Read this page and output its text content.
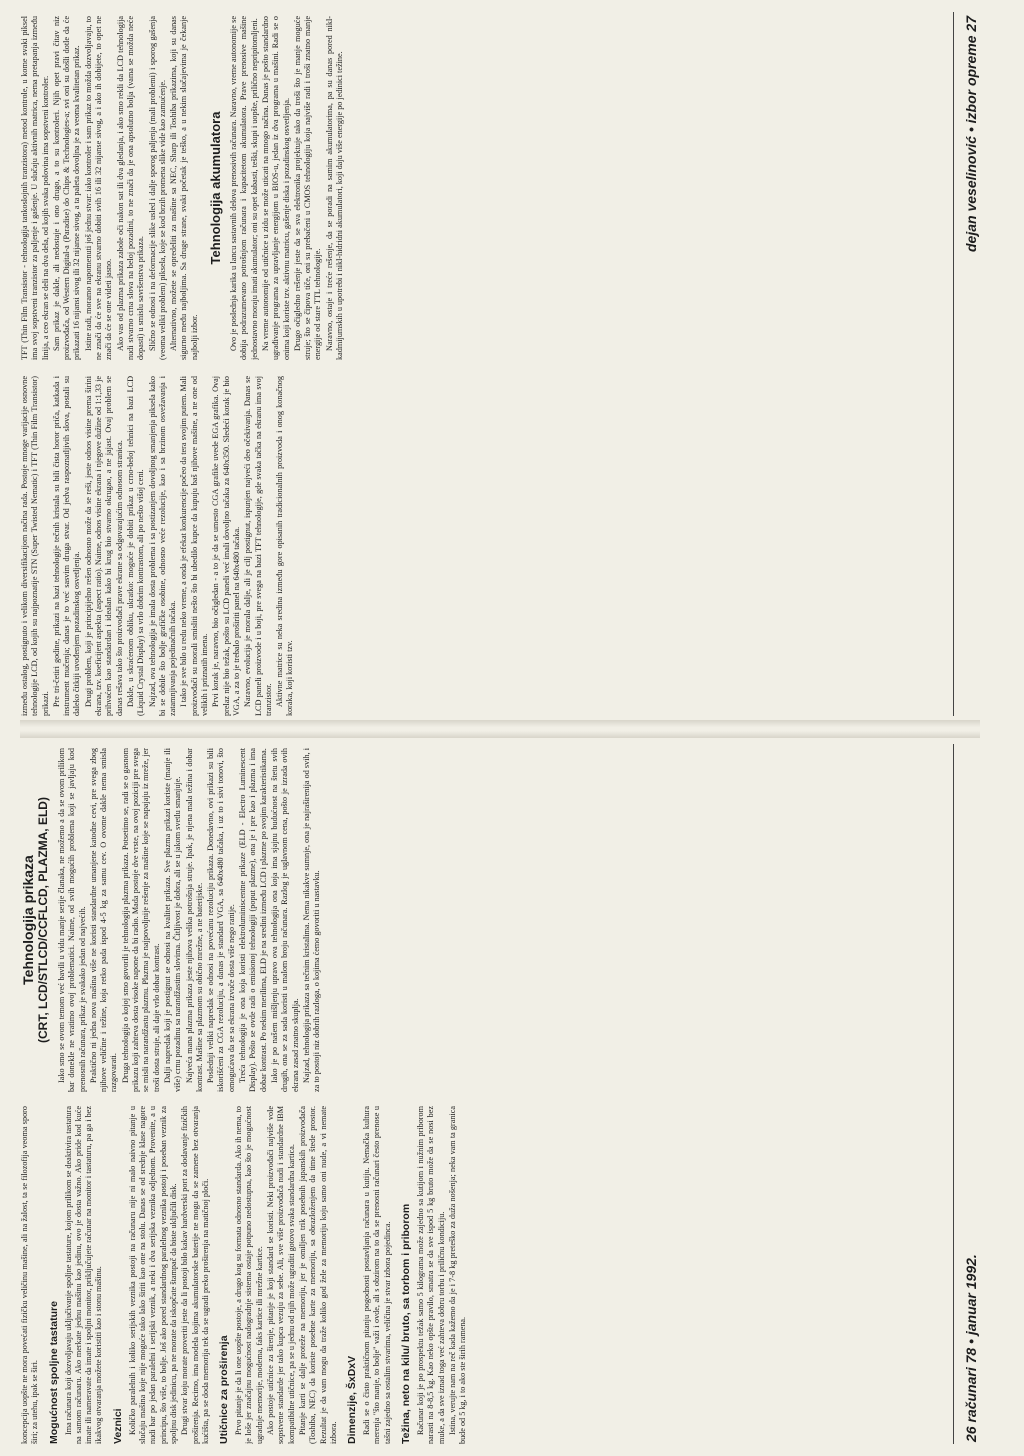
koncepcija uopšte ne mora povećati fizičku veličinu mašine, ali na žalost, ta se filozofija veoma sporo širi; za utehu, ipak se širi. Mogućnost spoljne tastature Ima računara koji dozvoljavaju uključivanje spoljne tastature, kojom prilikom se deaktivira tastatura na samom računaru. Ako merkate jednu mašinu kao jedinu, ovo je dosta važno. Ako pride kod kuće imate ili nameravate da imate i spoljni monitor, priključujete računar na monitor i tastaturu, pa ga i bez ikakvog otvaranja možete koristiti kao i stonu mašinu. Veznici Količko paralelnih i koliko serijskih veznika postoji na računaru nije ni malo naivno pitanje u slučaju mašina koje nije moguće tako lako širiti kao one na stolu. Danas se od srednje klase nagore nudi bar po jedan paralelni i serijski veznik, a neki i dva serijska veznika odjednom. Provenite, a u principu, što više, to bolje. Još ako pored standardnog paralelnog veznika postoji i poseban veznik za spoljnu disk jedinicu, pa ne morate da iskopčate štampač da biste uključili disk. Drugi stvar koju morate proveriti jeste da li postoji bilo kakav hardverski port za dodavanje fizičkih proširenja. Recimo, ima modela kojima akumulatorske baterije ne mogu da se zamene bez otvaranja kućišta, pa se doda memorija tek da se ugradi preko proširenja na matičnoj ploči. Utičnice za proširenja Prvo pitanje je da li one uopšte postoje, a drugo kog su formata odnosno standarda. Ako ih nema, to je loše jer značajnu mogućnost nadogradnje sistema ostaje potpuno nedostupna, kao što je mogućnost ugradnje memorije, modema, faks kartice ili mrežne kartice. Ako postoje utičnice za širenje, pitanje je koji standard se koristi. Neki proizvođači najviše vole sopstvene standarde jer tako kupca vezuju za sebe. Ali, sve više proizvođača nudi i standardne IBM kompatibilne utičnice, pa se u jednu od njih može ugraditi gotovo svaka standardna kartica. Pitanje karti se dalje proteže na memoriju, jer je omiljen trik posebnih japanskih proizvođača (Toshiba, NEC) da koriste posebne karte za memoriju, sa obrazloženjem da time štede prostor. Rezultat je da vam mogu da traže koliko god žele za memoriju koju samo oni nude, a vi nemate izbora. Dimenzije, ŠxDxV Radi se o čisto praktičnom pitanju pogodnosti postavljanja računara u kutiju. Nemačka kultura merenja "što manje, to bolje" važi i ovde, ali s obzirom na to da se prenosni računari često prenose u tašni zajedno sa ostalim stvarima, veličina je stvar izbora pojedinca. Težina, neto na kilu/ bruto, sa torbom i priborom Računar koji je po prospektu težak samo 5 kilograma može zajedno sa kutijom i nužnim priborom narasti na 8-8,5 kg. Kao neko opšte pravilo, smatra se da sve ispod 5 kg bruto može da se nosi bez muke, a da sve iznad toga već zahteva dobru torbu i priličnu kondiciju. Istina, verujte nam na reč kada kažemo da je i 7-8 kg preteško za duža nošenja; neka vam ta granica bude od 5 kg, i to ako ste širih ramena.

Tehnologija prikaza (CRT, LCD/STLCD/CCFLCD, PLAZMA, ELD) Iako smo se ovom temom već bavili u vidu manje serije članaka, ne možemo a da se ovom prilikom bar donekle ne vratimo ovoj problematici. Naime, od svih mogućih problema koji se javljaju kod prenosnih računara, prikaz je svakako jedan od najvećih. Praktično ni jedna nova mašina više ne koristi standardne umanjene katodne cevi, pre svega zbog njihove veličine i težine, koja retko pada ispod 4-5 kg za samu cev. O ovome dakle nema smisla razgovarati. Druga tehnologija o kojoj smo govorili je tehnologija plazma prikaza. Potsetimo se, radi se o gasnom prikazu koji zahteva dosta visoke napone da bi radio. Mada postoje dve vrste, na ovoj poziciji pre svega se misli na narandžastu plazmu. Plazma je najpovoljnije rešenje za mašine koje se napajaju iz mreže, jer troši dosta struje, ali daje vrlo dobar kontrast. Dalji napredak koji je postignut se odnosi na kvalitet prikaza. Sve plazma prikazi koriste (manje ili više) crnu pozadinu sa narandžastim slovima. Čitljivost je dobra, ali se u jakom svetlu smanjuje. Najveća mana plazma prikaza jeste njihova velika potrošnja struje. Ipak, je njena mala težina i dobar kontrast. Mašine sa plazmom su obično mrežne, a ne baterijske. Poslednji veliki napredak se odnosi na povećanu rezoluciju prikaza. Donedavno, ovi prikazi su bili iskorišćeni za CGA rezoluciju, a danas je standard VGA, sa 640x480 tačaka, i uz to i sivi tonovi, što omogućava da se sa ekrana izvuče dosta više nego ranije. Treća tehnologija je ona koja koristi elektroluminiscentne prikaze (ELD - Electro Luminescent Display). Pošto se ovde radi o emisionoj tehnologiji (poput plazme), ona je i pre kao i plazma i ima dobar kontrast. Po nekim merilima, ELD je na sredini između LCD i plazme po svojim karakteristikama. Iako je po našem mišljenju upravo ova tehnologija ona koja ima sjajnu budućnost na štetu svih drugih, ona se za sada koristi u malom broju računara. Razlog je uglavnom cena, pošto je izrada ovih ekrana zasad znatno skuplja. Najzad, tehnologija prikaza sa tečnim kristalima. Nema nikakve sumnje, ona je najraširenija od svih, i za to postoji niz dobrih razloga, o kojima ćemo govoriti u nastavku.

između ostalog, postignuto i velikom diversifikacijom načina rada. Postoje mnoge varijacije osnovne tehnologije LCD, od kojih su najpoznatije STN (Super Twisted Nematic) i TFT (Thin Film Transistor) prikazi. Pre tri-četiri godine, prikazi na bazi tehnologije tečnih kristala su bili čista horor priča, katkada i instrument mučenja; danas je to već sasvim druga stvar. Od jedva raspoznatljivih slova, postali su daleko čitkiji uvođenjem pozadinskog osvetljenja. Drugi problem, koji je principijelno rešen odnosno može da se reši, jeste odnos visine prema širini ekrana, tzv. koeficijent aspekta (aspect ratio). Naime, odnos visine ekrana i njegove dužine od 1:1,33 je prihvaćen kao standardan i idealan kako bi krug bio stvarno okrugao, a ne jajast. Ovaj problem se danas rešava tako što proizvođači prave ekrane sa odgovarajućim odnosom stranica. Dakle, u skraćenom obliku, ukratko: moguće je dobiti prikaz u crno-beloj tehnici na bazi LCD (Liquid Crystal Display) sa vrlo dobrim kontrastom, ali po nešto višoj ceni. Najzad, ova tehnologija je imala dosta problema i sa postizanjem dovoljnog smanjenja piksela kako bi se dobile što bolje grafičke osobine, odnosno veće rezolucije, kao i sa brzinom osvežavanja i zatamnjivanja pojedinačnih tačaka. I tako je sve bilo u redu neko vreme, a onda je efekat konkurencije počeo da tera svojim putem. Mali proizvođači su morali smisliti nešto što bi ubedilo kupce da kupuju baš njihove mašine, a ne one od velikih i priznatih imena. Prvi korak je, naravno, bio očigledan - a to je da se umesto CGA grafike uvede EGA grafika. Ovaj prelaz nije bio težak, pošto su LCD paneli već imali dovoljno tačaka za 640x350. Sledeći korak je bio VGA, a za to je trebalo proširiti panel na 640x480 tačaka. Naravno, evolucija je morala dalje, ali je cilj postignut, ispunjen najveći deo očekivanja. Danas se LCD paneli proizvode i u boji, pre svega na bazi TFT tehnologije, gde svaka tačka na ekranu ima svoj tranzistor. Aktivne matrice su neka sredina između gore opisanih tradicionalnih proizvoda i onog konačnog koraka, koji koristi tzv.

TFT (Thin Film Transistor - tehnologija tankoslojnih tranzistora) metod kontrole, u kome svaki piksel ima svoj sopstveni tranzistor za paljenje i gašenje. U slučaju aktivnih matrica, nema pretapanja između linija, a ceo ekran se deli na dva dela, od kojih svaka polovina ima sopstveni kontroler. Sam prikaz je dakle, ali nedostaje i ono drugo, a to su kontroleri. Njih opet pravi čitav niz proizvođača, od Western Digital-a (Paradise) do Chips & Technologies-a; svi oni su došli dotle da će prikazati 16 nijansi sivog ili 32 nijanse sivog, a ta paleta dovoljna je za veoma kvalitetan prikaz. Istine radi, moramo napomenuti još jednu stvar: iako kontroler i sam prikaz to možda dozvoljavaju, to ne znači da će sve na ekranu stvarno dobiti svih 16 ili 32 nijanse sivog, a i ako ih dobijete, to opet ne znači da će se one videti jasno. Ako vas od plazma prikaza zabole oči nakon sat ili dva gledanja, i ako smo rekli da LCD tehnologija nudi stvarno crna slova na beloj pozadini, to ne znači da je ona apsolutno bolja (vama se možda neće dopasti) u smislu savršenstva prikaza. Slično se odnosi i na deformacije slike usled i dalje sporog paljenja (mali problemi) i sporog gašenja (veoma veliki problem) piksela, koje se kod brzih promena slike vide kao zamućenje. Alternativno, možete se opredeliti za mašine sa NEC, Sharp ili Toshiba prikazima, koji su danas sigurno među najboljima. Sa druge strane, svaki početak je teško, a u nekim slučajevima je čekanje najbolji izbor.

Tehnologija akumulatora Ovo je poslednja karika u lancu sastavnih delova prenosivih računara. Naravno, vreme autonomije se dobija podrazumevano potrošnjom računara i kapacitetom akumulatora. Prave prenosive mašine jednostavno moraju imati akumulator; oni su opet kabasti, teški, skupi i uopšte, prilično nepripitomljeni. Na vreme autonomije od utičnice u zidu se može uticati na mnogo načina. Danas je pošto standardno ugrađivanje programa za upravljanje energijom u BIOS-u, jedan iz dva programa u mašini. Radi se o onima koji koriste tzv. aktivnu matricu, gašenje diska i pozadinskog osvetljenja. Drugo očigledno rešenje jeste da se sva elektronika projektuje tako da troši što je manje moguće struje; što se čipova tiče, oni su prebačeni u CMOS tehnologiju koja najviše radi i troši znatno manje energije od stare TTL tehnologije. Naravno, ostaje i treće rešenje, da se poradi na samim akumulatorima, pa su danas pored nikl-kadmijumskih u upotrebi i nikl-hidridni akumulatori, koji daju više energije po jedinici težine.

26 računari 78 • januar 1992.
dejan veselinović • izbor opreme 27
